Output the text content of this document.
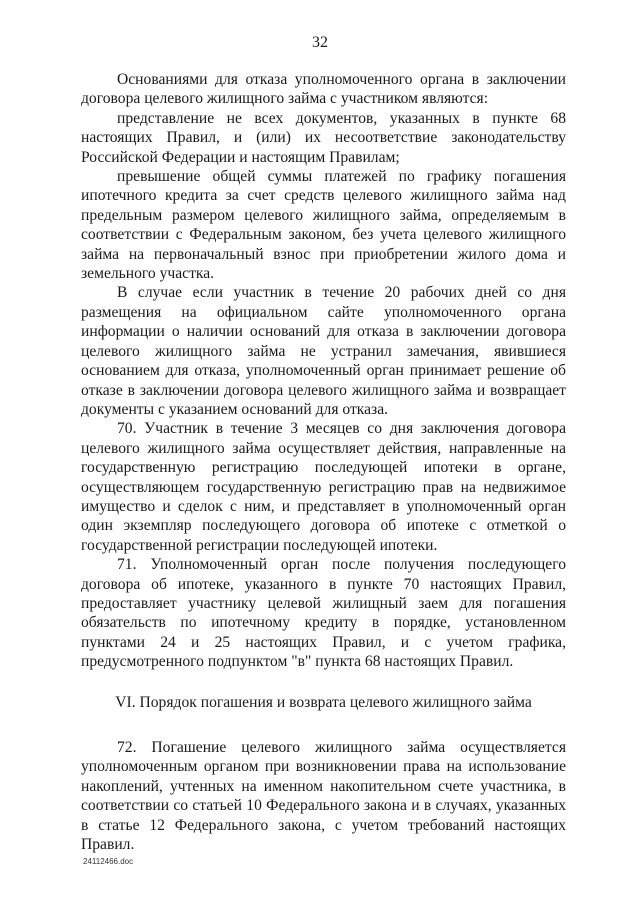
32

Основаниями для отказа уполномоченного органа в заключении договора целевого жилищного займа с участником являются:

представление не всех документов, указанных в пункте 68 настоящих Правил, и (или) их несоответствие законодательству Российской Федерации и настоящим Правилам;

превышение общей суммы платежей по графику погашения ипотечного кредита за счет средств целевого жилищного займа над предельным размером целевого жилищного займа, определяемым в соответствии с Федеральным законом, без учета целевого жилищного займа на первоначальный взнос при приобретении жилого дома и земельного участка.

В случае если участник в течение 20 рабочих дней со дня размещения на официальном сайте уполномоченного органа информации о наличии оснований для отказа в заключении договора целевого жилищного займа не устранил замечания, явившиеся основанием для отказа, уполномоченный орган принимает решение об отказе в заключении договора целевого жилищного займа и возвращает документы с указанием оснований для отказа.

70. Участник в течение 3 месяцев со дня заключения договора целевого жилищного займа осуществляет действия, направленные на государственную регистрацию последующей ипотеки в органе, осуществляющем государственную регистрацию прав на недвижимое имущество и сделок с ним, и представляет в уполномоченный орган один экземпляр последующего договора об ипотеке с отметкой о государственной регистрации последующей ипотеки.

71. Уполномоченный орган после получения последующего договора об ипотеке, указанного в пункте 70 настоящих Правил, предоставляет участнику целевой жилищный заем для погашения обязательств по ипотечному кредиту в порядке, установленном пунктами 24 и 25 настоящих Правил, и с учетом графика, предусмотренного подпунктом "в" пункта 68 настоящих Правил.

VI. Порядок погашения и возврата целевого жилищного займа

72. Погашение целевого жилищного займа осуществляется уполномоченным органом при возникновении права на использование накоплений, учтенных на именном накопительном счете участника, в соответствии со статьей 10 Федерального закона и в случаях, указанных в статье 12 Федерального закона, с учетом требований настоящих Правил.

24112466.doc
